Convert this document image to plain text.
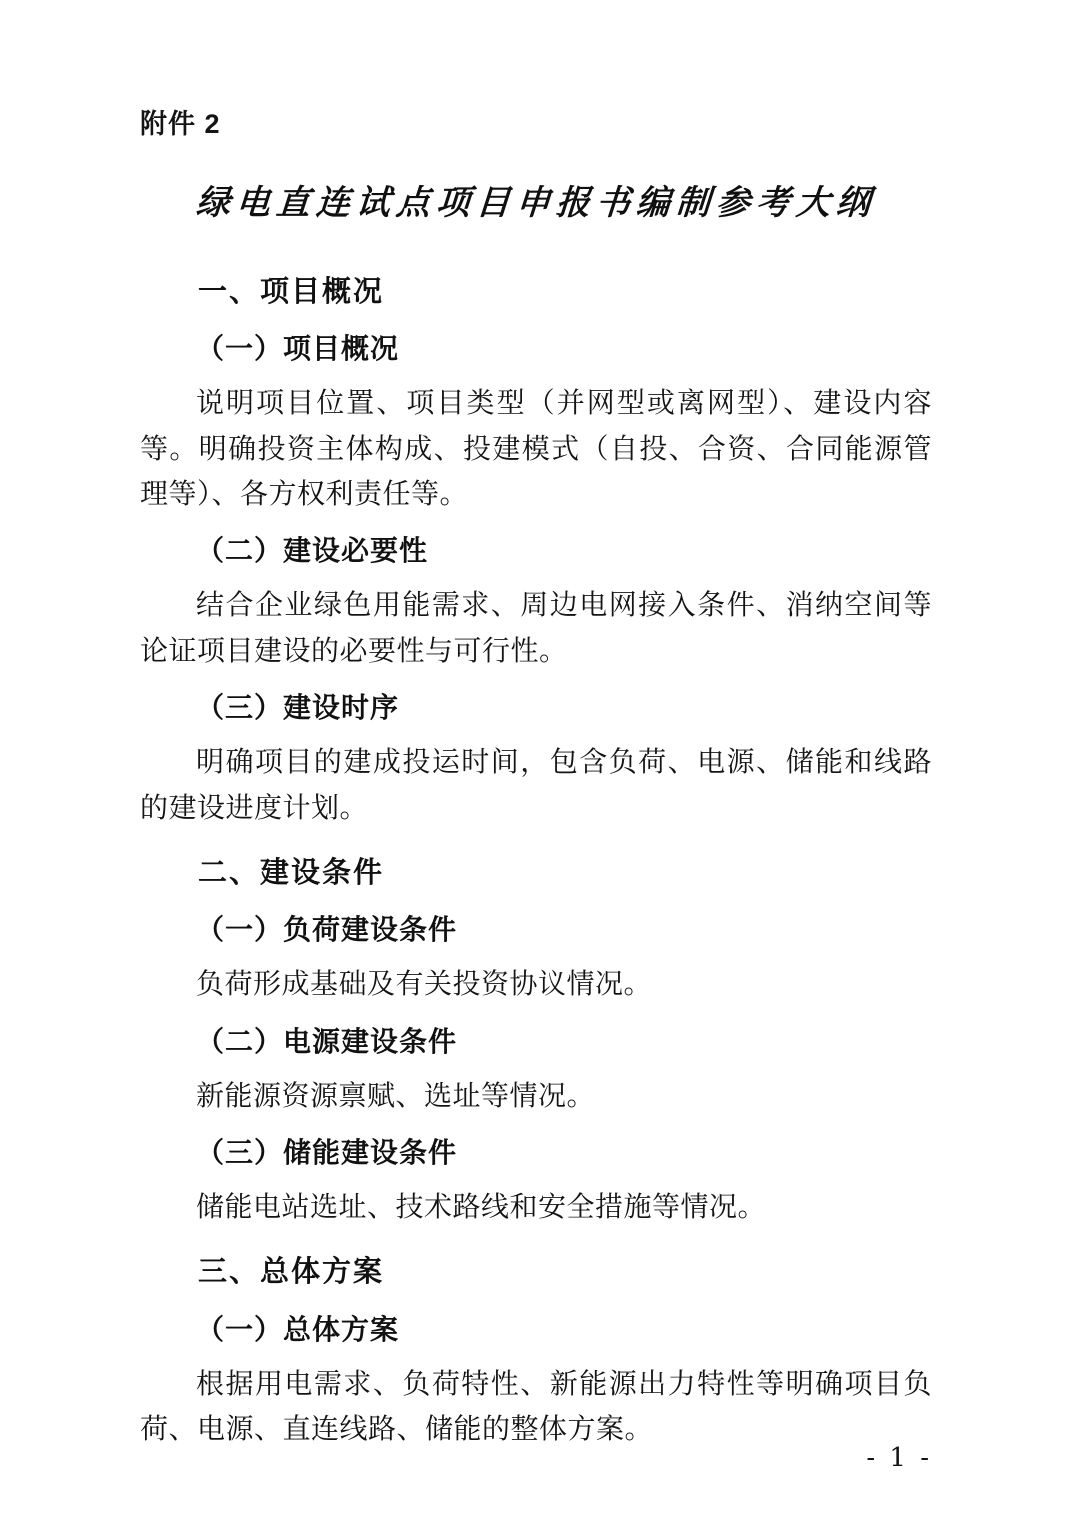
附件 2
绿电直连试点项目申报书编制参考大纲
一、项目概况
（一）项目概况

说明项目位置、项目类型（并网型或离网型）、建设内容等。明确投资主体构成、投建模式（自投、合资、合同能源管理等）、各方权利责任等。

（二）建设必要性

结合企业绿色用能需求、周边电网接入条件、消纳空间等论证项目建设的必要性与可行性。

（三）建设时序

明确项目的建成投运时间，包含负荷、电源、储能和线路的建设进度计划。

二、建设条件
（一）负荷建设条件

负荷形成基础及有关投资协议情况。

（二）电源建设条件

新能源资源禀赋、选址等情况。

（三）储能建设条件

储能电站选址、技术路线和安全措施等情况。

三、总体方案
（一）总体方案

根据用电需求、负荷特性、新能源出力特性等明确项目负荷、电源、直连线路、储能的整体方案。

- 1 -
